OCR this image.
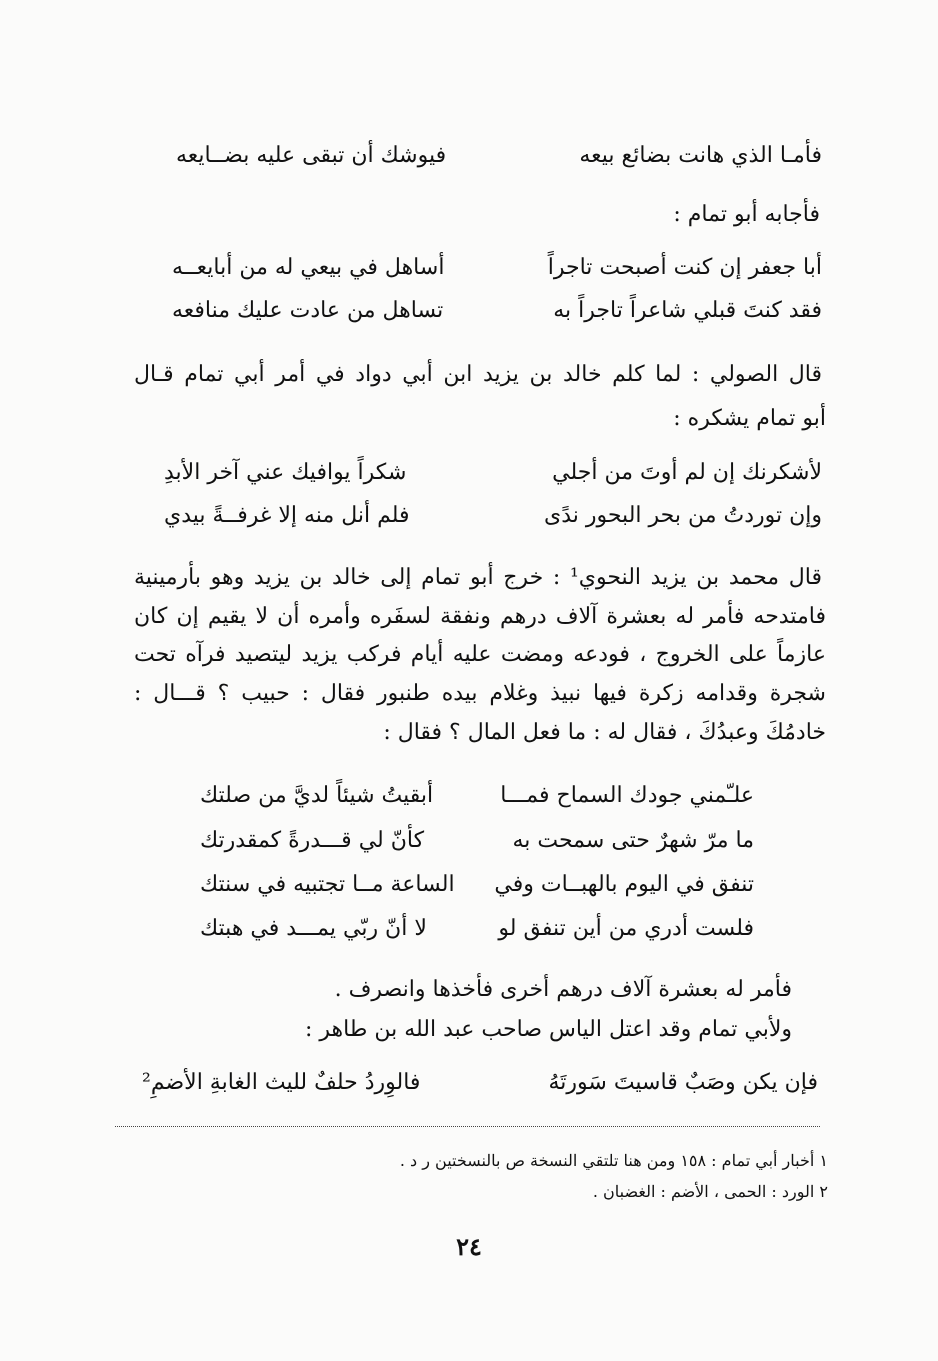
فأمـا الذي هانت بضائع بيعه
فيوشك أن تبقى عليه بضــايعه
فأجابه أبو تمام :
أبا جعفر إن كنت أصبحت تاجراً
أساهل في بيعي له من أبايعــه
فقد كنتَ قبلي شاعراً تاجراً به
تساهل من عادت عليك منافعه
قال الصولي : لما كلم خالد بن يزيد ابن أبي دواد في أمر أبي تمام قـال
أبو تمام يشكره :
لأشكرنك إن لم أوتَ من أجلي
شكراً يوافيك عني آخر الأبدِ
وإن توردتُ من بحر البحور ندًى
فلم أنل منه إلا غرفــةً بيدي
قال محمد بن يزيد النحوي¹ : خرج أبو تمام إلى خالد بن يزيد وهو بأرمينية
فامتدحه فأمر له بعشرة آلاف درهم ونفقة لسفَره وأمره أن لا يقيم إن كان
عازماً على الخروج ، فودعه ومضت عليه أيام فركب يزيد ليتصيد فرآه تحت
شجرة وقدامه زكرة فيها نبيذ وغلام بيده طنبور فقال : حبيب ؟ قـــال :
خادمُكَ وعبدُكَ ، فقال له : ما فعل المال ؟ فقال :
علـّمني جودك السماح فمـــا
أبقيتُ شيئاً لديَّ من صلتك
ما مرّ شهرٌ حتى سمحت به
كأنّ لي قـــدرةً كمقدرتك
تنفق في اليوم بالهبــات وفي
الساعة مــا تجتبيه في سنتك
فلست أدري من أين تنفق لو
لا أنّ ربّي يمـــد في هبتك
فأمر له بعشرة آلاف درهم أخرى فأخذها وانصرف .
ولأبي تمام وقد اعتل الياس صاحب عبد الله بن طاهر :
فإن يكن وصَبٌ قاسيتَ سَورتَهُ
فالوِردُ حلفٌ لليث الغابةِ الأضمِ²
١ أخبار أبي تمام : ١٥٨ ومن هنا تلتقي النسخة ص بالنسختين ر د .
٢ الورد : الحمى ، الأضم : الغضبان .
٢٤
